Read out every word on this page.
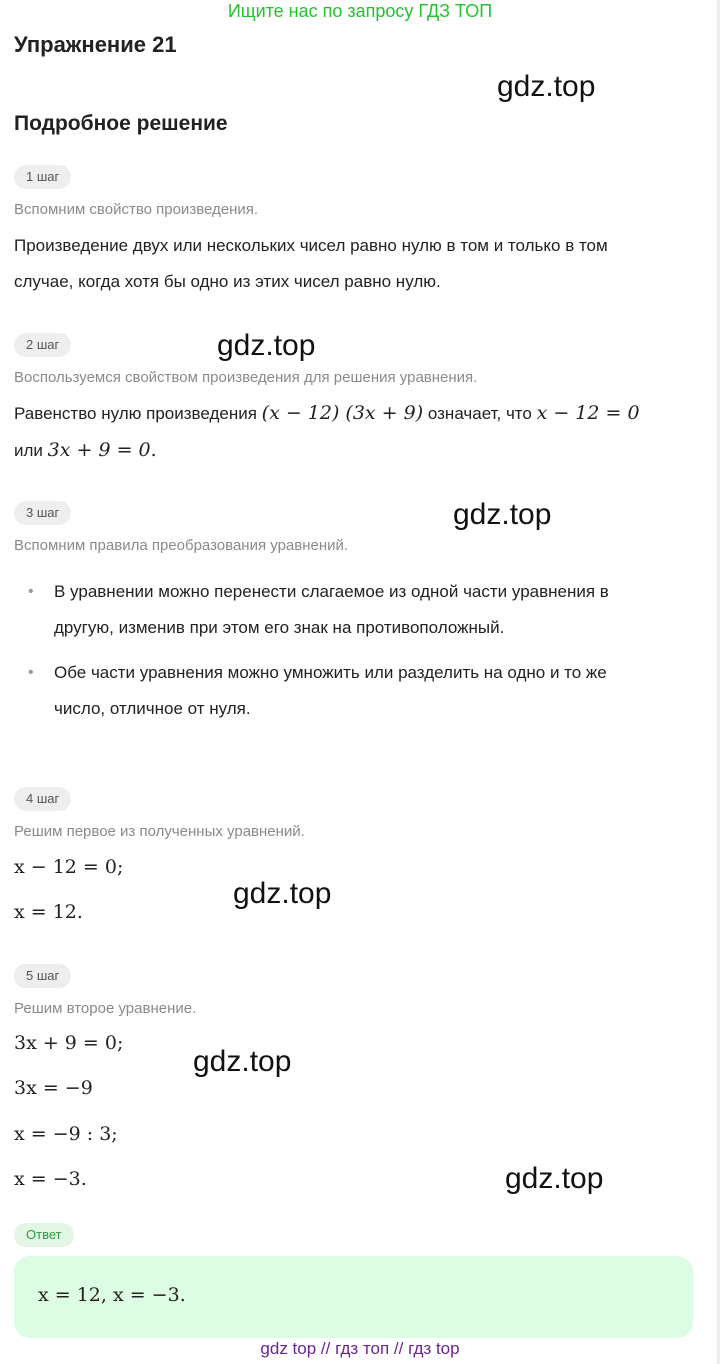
Ищите нас по запросу ГДЗ ТОП
Упражнение 21
Подробное решение
gdz.top
gdz.top
gdz.top
gdz.top
gdz.top
gdz.top
1 шаг
Вспомним свойство произведения.
Произведение двух или нескольких чисел равно нулю в том и только в том
случае, когда хотя бы одно из этих чисел равно нулю.
2 шаг
Воспользуемся свойством произведения для решения уравнения.
Равенство нулю произведения (x − 12) (3x + 9) означает, что x − 12 = 0
или 3x + 9 = 0.
3 шаг
Вспомним правила преобразования уравнений.
•	В уравнении можно перенести слагаемое из одной части уравнения в
другую, изменив при этом его знак на противоположный.
•	Обе части уравнения можно умножить или разделить на одно и то же
число, отличное от нуля.
4 шаг
Решим первое из полученных уравнений.
x − 12 = 0;
x = 12.
5 шаг
Решим второе уравнение.
3x + 9 = 0;
3x = −9
x = −9 : 3;
x = −3.
Ответ
x = 12, x = −3.
gdz top // гдз топ // гдз top
